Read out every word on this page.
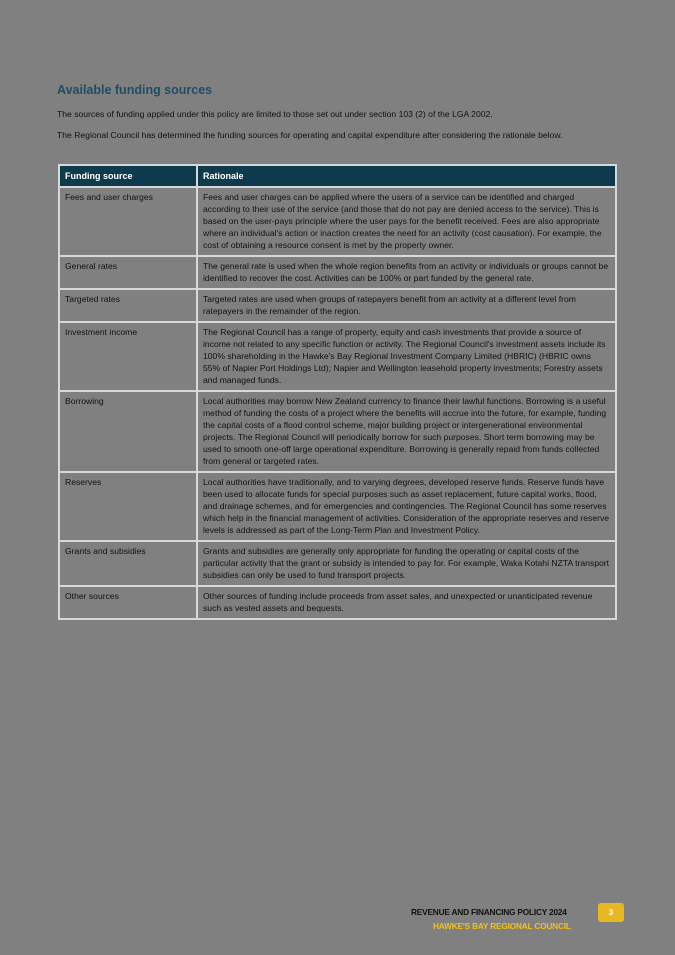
Available funding sources
The sources of funding applied under this policy are limited to those set out under section 103 (2) of the LGA 2002.
The Regional Council has determined the funding sources for operating and capital expenditure after considering the rationale below.
Funding source	Rationale
Fees and user charges	Fees and user charges can be applied where the users of a service can be identified and charged according to their use of the service (and those that do not pay are denied access to the service). This is based on the user-pays principle where the user pays for the benefit received. Fees are also appropriate where an individual's action or inaction creates the need for an activity (cost causation). For example, the cost of obtaining a resource consent is met by the property owner.
General rates	The general rate is used when the whole region benefits from an activity or individuals or groups cannot be identified to recover the cost. Activities can be 100% or part funded by the general rate.
Targeted rates	Targeted rates are used when groups of ratepayers benefit from an activity at a different level from ratepayers in the remainder of the region.
Investment income	The Regional Council has a range of property, equity and cash investments that provide a source of income not related to any specific function or activity. The Regional Council's investment assets include its 100% shareholding in the Hawke's Bay Regional Investment Company Limited (HBRIC) (HBRIC owns 55% of Napier Port Holdings Ltd); Napier and Wellington leasehold property investments; Forestry assets and managed funds.
Borrowing	Local authorities may borrow New Zealand currency to finance their lawful functions. Borrowing is a useful method of funding the costs of a project where the benefits will accrue into the future, for example, funding the capital costs of a flood control scheme, major building project or intergenerational environmental projects. The Regional Council will periodically borrow for such purposes. Short term borrowing may be used to smooth one-off large operational expenditure. Borrowing is generally repaid from funds collected from general or targeted rates.
Reserves	Local authorities have traditionally, and to varying degrees, developed reserve funds. Reserve funds have been used to allocate funds for special purposes such as asset replacement, future capital works, flood, and drainage schemes, and for emergencies and contingencies. The Regional Council has some reserves which help in the financial management of activities. Consideration of the appropriate reserves and reserve levels is addressed as part of the Long-Term Plan and Investment Policy.
Grants and subsidies	Grants and subsidies are generally only appropriate for funding the operating or capital costs of the particular activity that the grant or subsidy is intended to pay for. For example, Waka Kotahi NZTA transport subsidies can only be used to fund transport projects.
Other sources	Other sources of funding include proceeds from asset sales, and unexpected or unanticipated revenue such as vested assets and bequests.
REVENUE AND FINANCING POLICY 2024
HAWKE'S BAY REGIONAL COUNCIL
3
